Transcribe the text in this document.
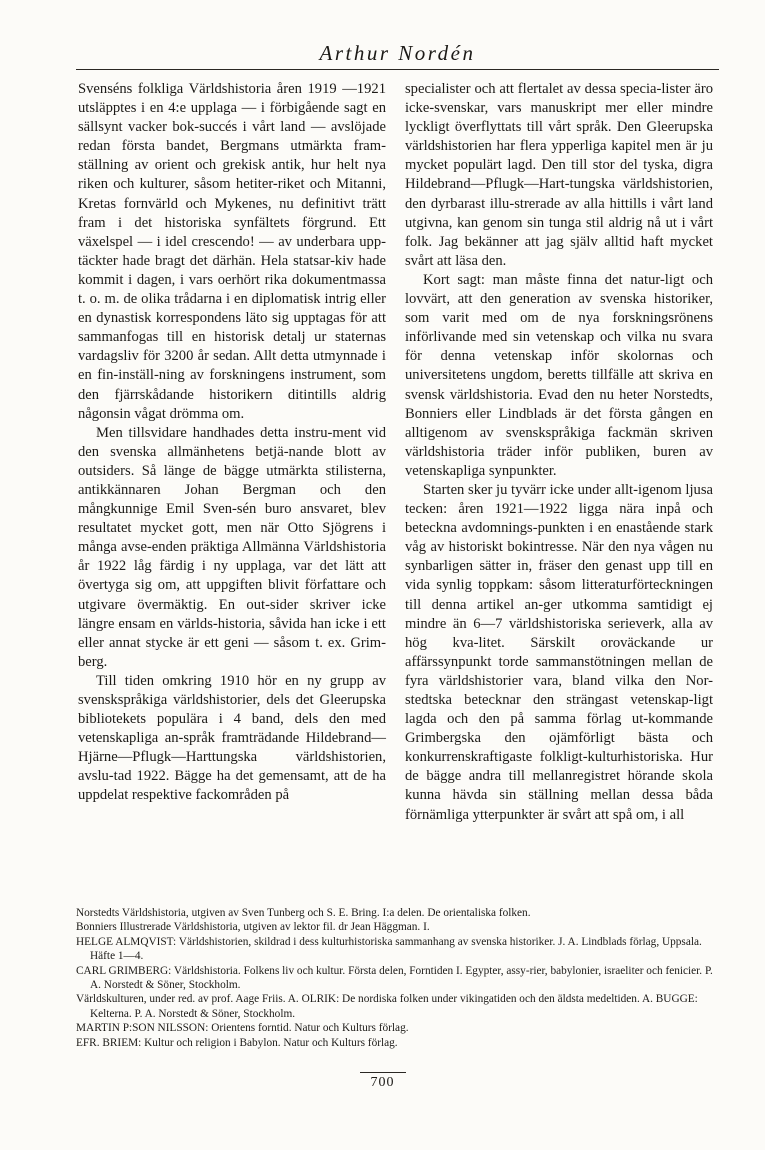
Arthur Nordén

Svenséns folkliga Världshistoria åren 1919 —1921 utsläpptes i en 4:e upplaga — i förbigående sagt en sällsynt vacker bok-succés i vårt land — avslöjade redan första bandet, Bergmans utmärkta fram-ställning av orient och grekisk antik, hur helt nya riken och kulturer, såsom hetiter-riket och Mitanni, Kretas fornvärld och Mykenes, nu definitivt trätt fram i det historiska synfältets förgrund. Ett växelspel — i idel crescendo! — av underbara upp-täckter hade bragt det därhän. Hela statsar-kiv hade kommit i dagen, i vars oerhört rika dokumentmassa t. o. m. de olika trådarna i en diplomatisk intrig eller en dynastisk korrespondens läto sig upptagas för att sammanfogas till en historisk detalj ur staternas vardagsliv för 3200 år sedan. Allt detta utmynnade i en fin-inställ-ning av forskningens instrument, som den fjärrskådande historikern ditintills aldrig någonsin vågat drömma om.

Men tillsvidare handhades detta instru-ment vid den svenska allmänhetens betjä-nande blott av outsiders. Så länge de bägge utmärkta stilisterna, antikkännaren Johan Bergman och den mångkunnige Emil Sven-sén buro ansvaret, blev resultatet mycket gott, men när Otto Sjögrens i många avse-enden präktiga Allmänna Världshistoria år 1922 låg färdig i ny upplaga, var det lätt att övertyga sig om, att uppgiften blivit författare och utgivare övermäktig. En out-sider skriver icke längre ensam en världs-historia, såvida han icke i ett eller annat stycke är ett geni — såsom t. ex. Grim-berg.

Till tiden omkring 1910 hör en ny grupp av svenskspråkiga världshistorier, dels det Gleerupska bibliotekets populära i 4 band, dels den med vetenskapliga an-språk framträdande Hildebrand—Hjärne—Pflugk—Harttungska världshistorien, avslu-tad 1922. Bägge ha det gemensamt, att de ha uppdelat respektive fackområden på

specialister och att flertalet av dessa specia-lister äro icke-svenskar, vars manuskript mer eller mindre lyckligt överflyttats till vårt språk. Den Gleerupska världshistorien har flera ypperliga kapitel men är ju mycket populärt lagd. Den till stor del tyska, digra Hildebrand—Pflugk—Hart-tungska världshistorien, den dyrbarast illu-strerade av alla hittills i vårt land utgivna, kan genom sin tunga stil aldrig nå ut i vårt folk. Jag bekänner att jag själv alltid haft mycket svårt att läsa den.

Kort sagt: man måste finna det natur-ligt och lovvärt, att den generation av svenska historiker, som varit med om de nya forskningsrönens införlivande med sin vetenskap och vilka nu svara för denna vetenskap inför skolornas och universitetens ungdom, beretts tillfälle att skriva en svensk världshistoria. Evad den nu heter Norstedts, Bonniers eller Lindblads är det första gången en alltigenom av svenskspråkiga fackmän skriven världshistoria träder inför publiken, buren av vetenskapliga synpunkter.

Starten sker ju tyvärr icke under allt-igenom ljusa tecken: åren 1921—1922 ligga nära inpå och beteckna avdomnings-punkten i en enastående stark våg av historiskt bokintresse. När den nya vågen nu synbarligen sätter in, fräser den genast upp till en vida synlig toppkam: såsom litteraturförteckningen till denna artikel an-ger utkomma samtidigt ej mindre än 6—7 världshistoriska serieverk, alla av hög kva-litet. Särskilt oroväckande ur affärssynpunkt torde sammanstötningen mellan de fyra världshistorier vara, bland vilka den Nor-stedtska betecknar den strängast vetenskap-ligt lagda och den på samma förlag ut-kommande Grimbergska den ojämförligt bästa och konkurrenskraftigaste folkligt-kulturhistoriska. Hur de bägge andra till mellanregistret hörande skola kunna hävda sin ställning mellan dessa båda förnämliga ytterpunkter är svårt att spå om, i all

Norstedts Världshistoria, utgiven av Sven Tunberg och S. E. Bring. I:a delen. De orientaliska folken.

Bonniers Illustrerade Världshistoria, utgiven av lektor fil. dr Jean Häggman. I.

HELGE ALMQVIST: Världshistorien, skildrad i dess kulturhistoriska sammanhang av svenska historiker. J. A. Lindblads förlag, Uppsala. Häfte 1—4.

CARL GRIMBERG: Världshistoria. Folkens liv och kultur. Första delen, Forntiden I. Egypter, assy-rier, babylonier, israeliter och fenicier. P. A. Norstedt & Söner, Stockholm.

Världskulturen, under red. av prof. Aage Friis. A. OLRIK: De nordiska folken under vikingatiden och den äldsta medeltiden. A. BUGGE: Kelterna. P. A. Norstedt & Söner, Stockholm.

MARTIN P:SON NILSSON: Orientens forntid. Natur och Kulturs förlag.

EFR. BRIEM: Kultur och religion i Babylon. Natur och Kulturs förlag.

700
